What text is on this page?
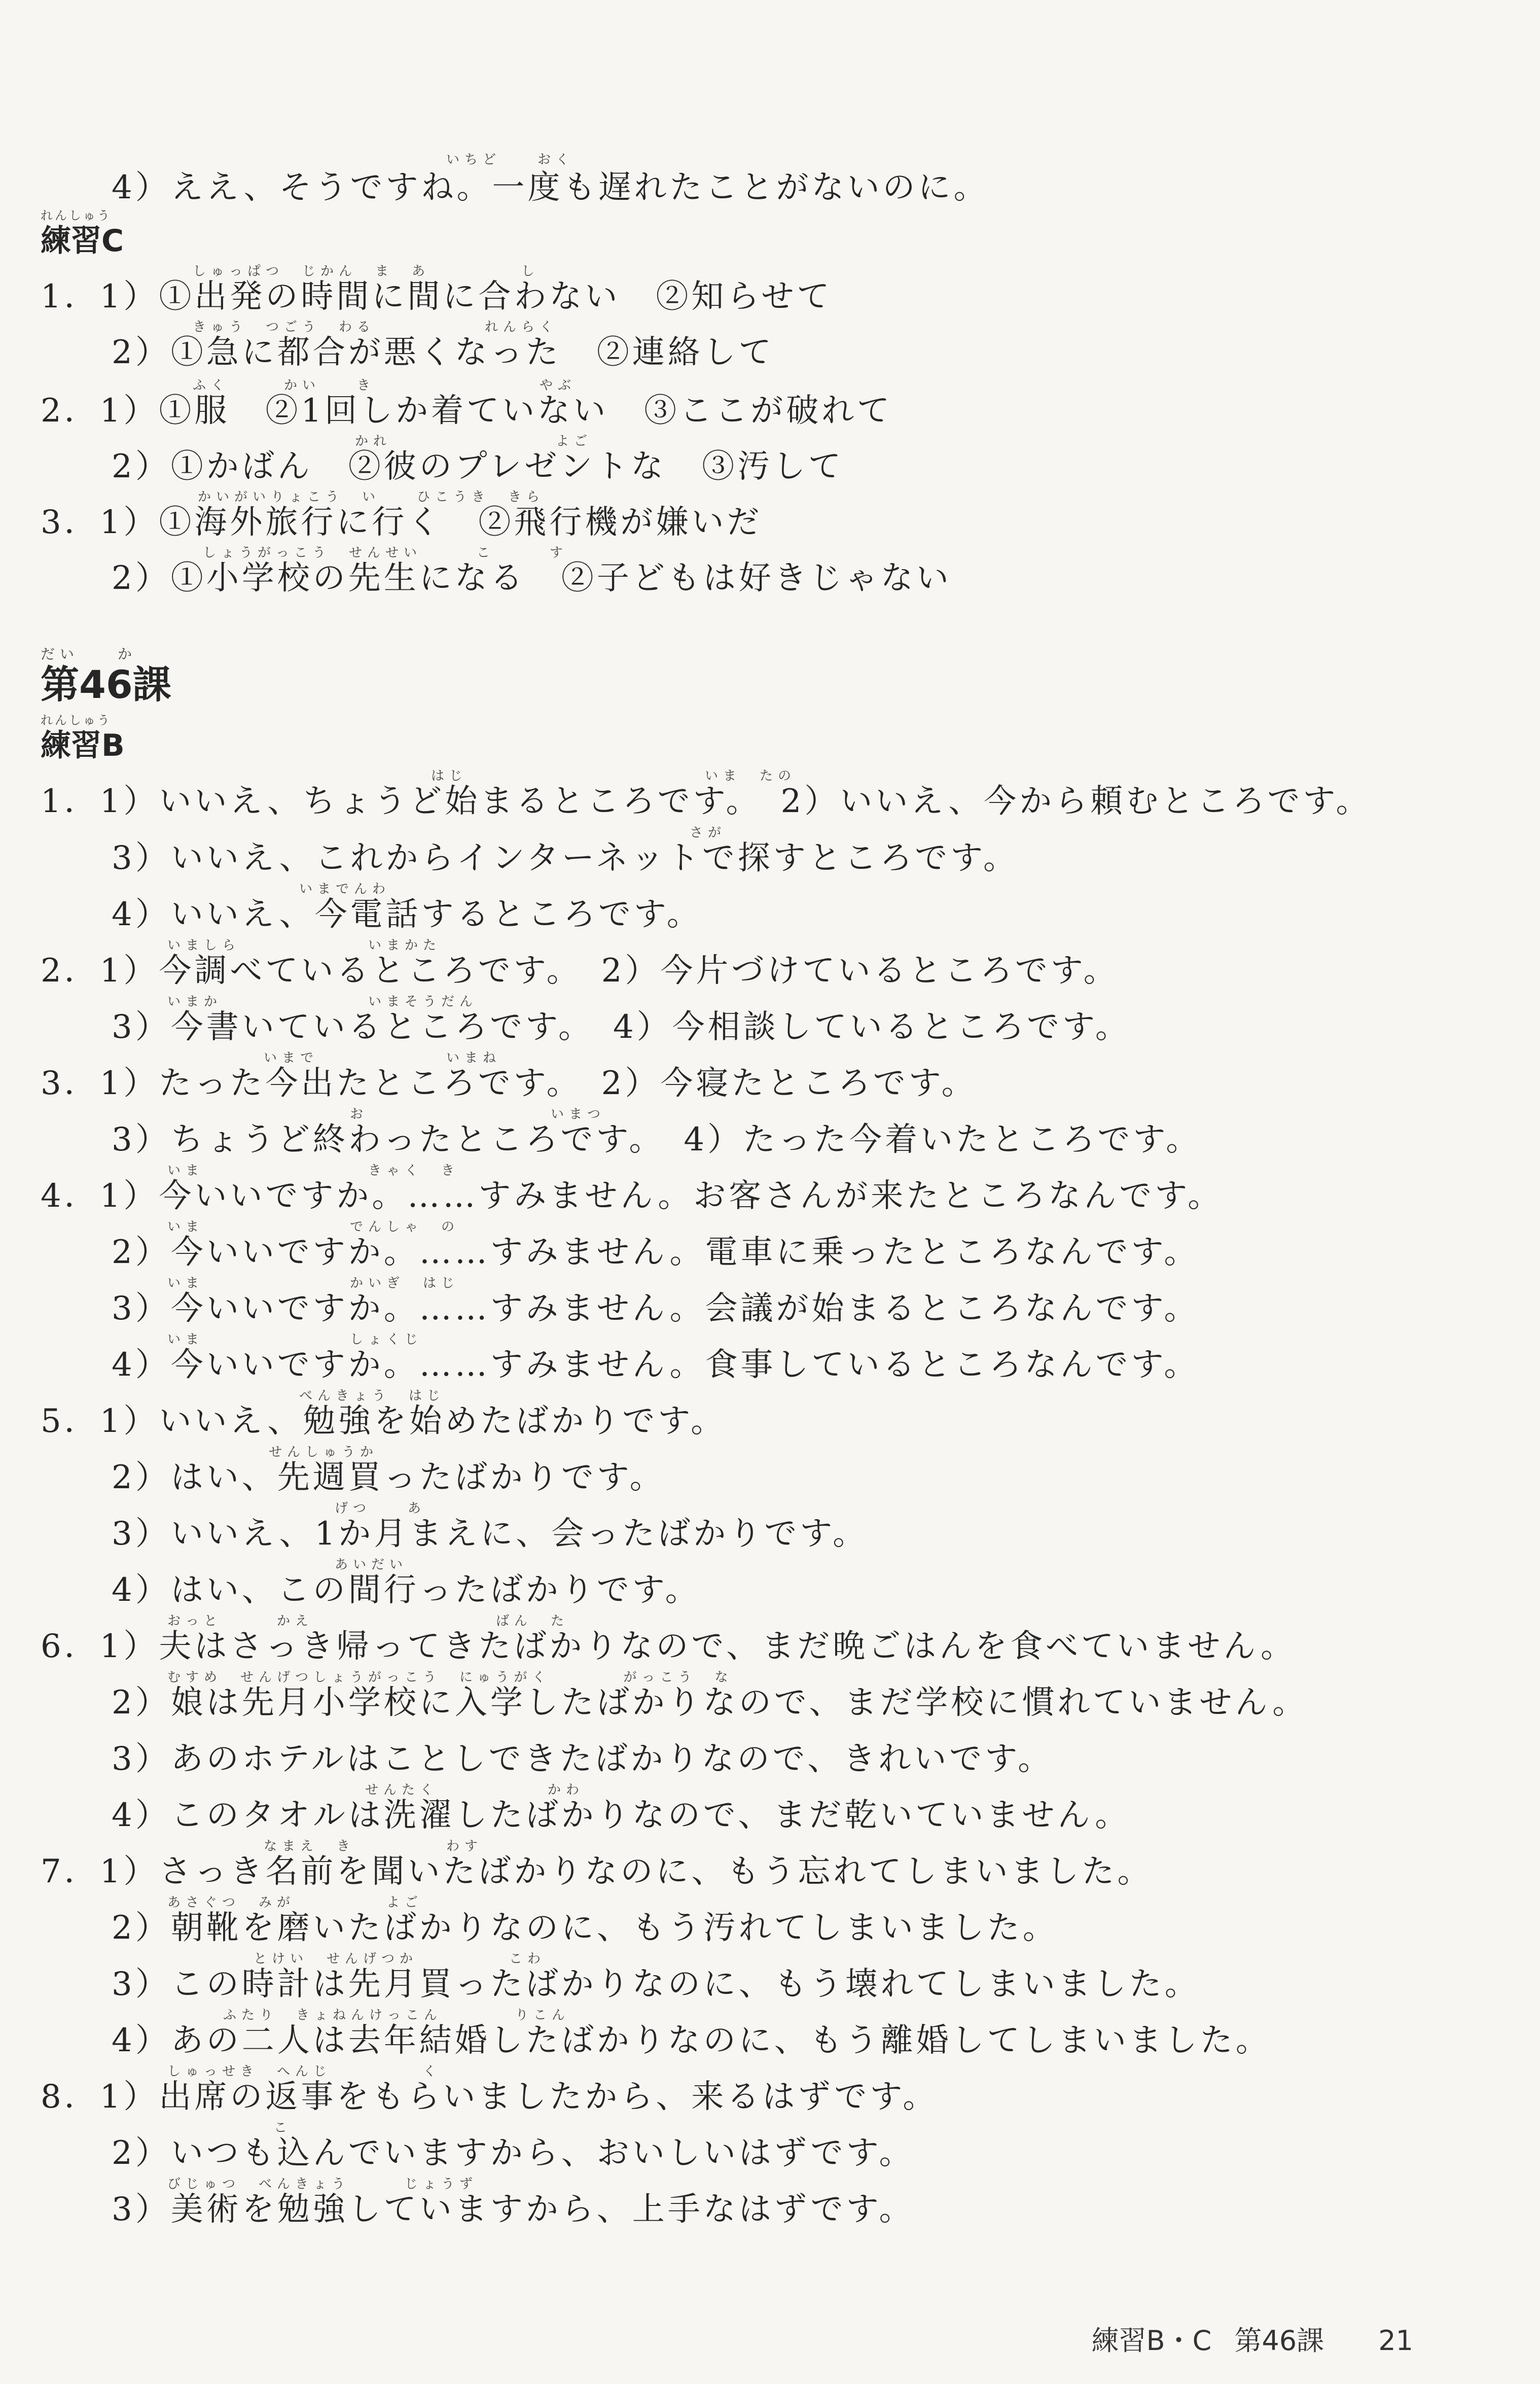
いちど　　おく
4）ええ、そうですね。一度も遅れたことがないのに。
れんしゅう
練習C
しゅっぱつ　じかん　ま　あ　　　　　し
1．1）①出発の時間に間に合わない　②知らせて
きゅう　つごう　わる　　　　　　れんらく
2）①急に都合が悪くなった　②連絡して
ふく　　　かい　　き　　　　　　　　　やぶ
2．1）①服　②1回しか着ていない　③ここが破れて
かれ　　　　　　　　　よご
2）①かばん　②彼のプレゼントな　③汚して
かいがいりょこう　い　　ひこうき　きら
3．1）①海外旅行に行く　②飛行機が嫌いだ
しょうがっこう　せんせい　　　こ　　　す
2）①小学校の先生になる　②子どもは好きじゃない
だい　　か
第46課
れんしゅう
練習B
はじ　　　　　　　　　　　　　いま　たの
1．1）いいえ、ちょうど始まるところです。　2）いいえ、今から頼むところです。
さが
3）いいえ、これからインターネットで探すところです。
いまでんわ
4）いいえ、今電話するところです。
いましら　　　　　　　いまかた
2．1）今調べているところです。　2）今片づけているところです。
いまか　　　　　　　　いまそうだん
3）今書いているところです。　4）今相談しているところです。
いまで　　　　　　　いまね
3．1）たった今出たところです。　2）今寝たところです。
お　　　　　　　　　　いまつ
3）ちょうど終わったところです。　4）たった今着いたところです。
いま　　　　　　　　　きゃく　き
4．1）今いいですか。……すみません。お客さんが来たところなんです。
いま　　　　　　　　でんしゃ　の
2）今いいですか。……すみません。電車に乗ったところなんです。
いま　　　　　　　　かいぎ　はじ
3）今いいですか。……すみません。会議が始まるところなんです。
いま　　　　　　　　しょくじ
4）今いいですか。……すみません。食事しているところなんです。
べんきょう　はじ
5．1）いいえ、勉強を始めたばかりです。
せんしゅうか
2）はい、先週買ったばかりです。
げつ　　あ
3）いいえ、1か月まえに、会ったばかりです。
あいだい
4）はい、この間行ったばかりです。
おっと　　　かえ　　　　　　　　　　ばん　た
6．1）夫はさっき帰ってきたばかりなので、まだ晩ごはんを食べていません。
むすめ　せんげつしょうがっこう　にゅうがく　　　　がっこう　な
2）娘は先月小学校に入学したばかりなので、まだ学校に慣れていません。
3）あのホテルはことしできたばかりなので、きれいです。
せんたく　　　　　　かわ
4）このタオルは洗濯したばかりなので、まだ乾いていません。
なまえ　き　　　　　わす
7．1）さっき名前を聞いたばかりなのに、もう忘れてしまいました。
あさぐつ　みが　　　　　よご
2）朝靴を磨いたばかりなのに、もう汚れてしまいました。
とけい　せんげつか　　　　　こわ
3）この時計は先月買ったばかりなのに、もう壊れてしまいました。
ふたり　きょねんけっこん　　　　りこん
4）あの二人は去年結婚したばかりなのに、もう離婚してしまいました。
しゅっせき　へんじ　　　　　く
8．1）出席の返事をもらいましたから、来るはずです。
こ
2）いつも込んでいますから、おいしいはずです。
びじゅつ　べんきょう　　　じょうず
3）美術を勉強していますから、上手なはずです。
練習B・C 第46課 21
